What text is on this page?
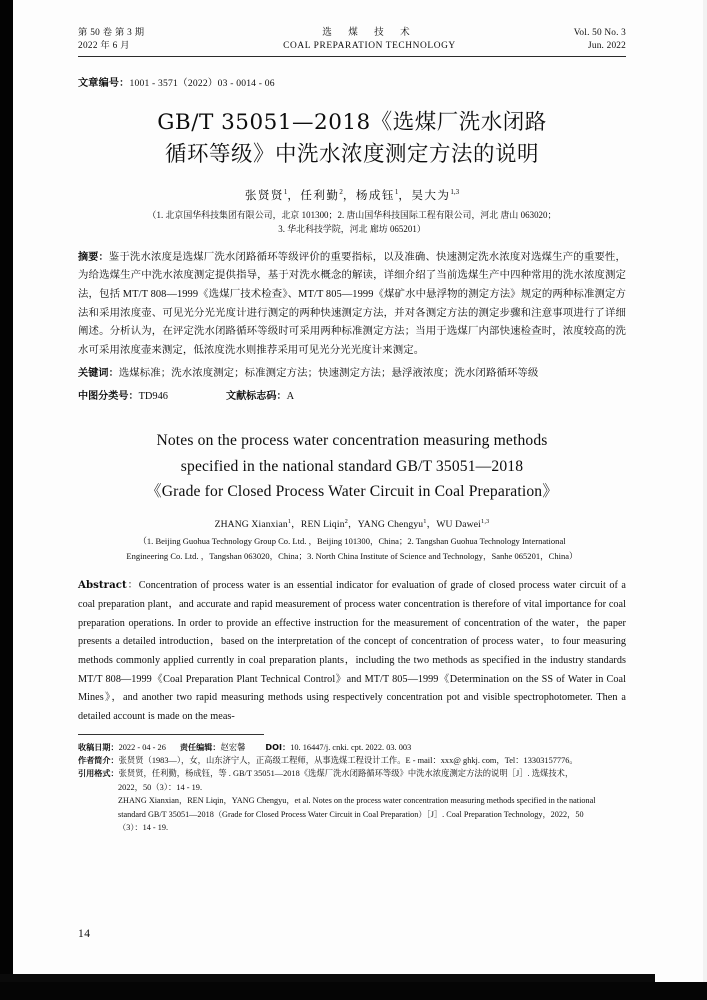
第 50 卷 第 3 期	选 煤 技 术	Vol. 50 No. 3
2022 年 6 月	COAL PREPARATION TECHNOLOGY	Jun. 2022
文章编号：1001 - 3571（2022）03 - 0014 - 06
GB/T 35051—2018《选煤厂洗水闭路
循环等级》中洗水浓度测定方法的说明
张贤贤$^1$，任利勤$^2$，杨成钰$^1$，吴大为$^{1,3}$
（1. 北京国华科技集团有限公司，北京 101300；2. 唐山国华科技国际工程有限公司，河北 唐山 063020；
3. 华北科技学院，河北 廊坊 065201）
摘要：鉴于洗水浓度是选煤厂洗水闭路循环等级评价的重要指标，以及准确、快速测定洗水浓度对选煤生产的重要性，为给选煤生产中洗水浓度测定提供指导，基于对洗水概念的解读，详细介绍了当前选煤生产中四种常用的洗水浓度测定法，包括 MT/T 808—1999《选煤厂技术检查》、MT/T 805—1999《煤矿水中悬浮物的测定方法》规定的两种标准测定方法和采用浓度壶、可见光分光光度计进行测定的两种快速测定方法，并对各测定方法的测定步骤和注意事项进行了详细阐述。分析认为，在评定洗水闭路循环等级时可采用两种标准测定方法；当用于选煤厂内部快速检查时，浓度较高的洗水可采用浓度壶来测定，低浓度洗水则推荐采用可见光分光光度计来测定。
关键词：选煤标准；洗水浓度测定；标准测定方法；快速测定方法；悬浮液浓度；洗水闭路循环等级
中图分类号：TD946	文献标志码：A
Notes on the process water concentration measuring methods
specified in the national standard GB/T 35051—2018
《Grade for Closed Process Water Circuit in Coal Preparation》
ZHANG Xianxian$^1$，REN Liqin$^2$，YANG Chengyu$^1$，WU Dawei$^{1,3}$
（1. Beijing Guohua Technology Group Co. Ltd. ，Beijing 101300，China；2. Tangshan Guohua Technology International
Engineering Co. Ltd. ，Tangshan 063020，China；3. North China Institute of Science and Technology，Sanhe 065201，China）
Abstract：Concentration of process water is an essential indicator for evaluation of grade of closed process water circuit of a coal preparation plant，and accurate and rapid measurement of process water concentration is therefore of vital importance for coal preparation operations. In order to provide an effective instruction for the measurement of concentration of the water，the paper presents a detailed introduction，based on the interpretation of the concept of concentration of process water，to four measuring methods commonly applied currently in coal preparation plants，including the two methods as specified in the industry standards MT/T 808—1999《Coal Preparation Plant Technical Control》and MT/T 805—1999《Determination on the SS of Water in Coal Mines》，and another two rapid measuring methods using respectively concentration pot and visible spectrophotometer. Then a detailed account is made on the meas-
收稿日期：2022 - 04 - 26 责任编辑：赵宏馨 DOI：10. 16447/j. cnki. cpt. 2022. 03. 003
作者简介：张贤贤（1983—），女，山东济宁人，正高级工程师，从事选煤工程设计工作。E - mail：xxx@ ghkj. com，Tel：13303157776。
引用格式：张贤贤，任利勤，杨成钰，等 . GB/T 35051—2018《选煤厂洗水闭路循环等级》中洗水浓度测定方法的说明［J］. 选煤技术，
2022，50（3）：14 - 19.
ZHANG Xianxian，REN Liqin，YANG Chengyu，et al. Notes on the process water concentration measuring methods specified in the national
standard GB/T 35051—2018（Grade for Closed Process Water Circuit in Coal Preparation）［J］. Coal Preparation Technology，2022，50
（3）：14 - 19.
14
